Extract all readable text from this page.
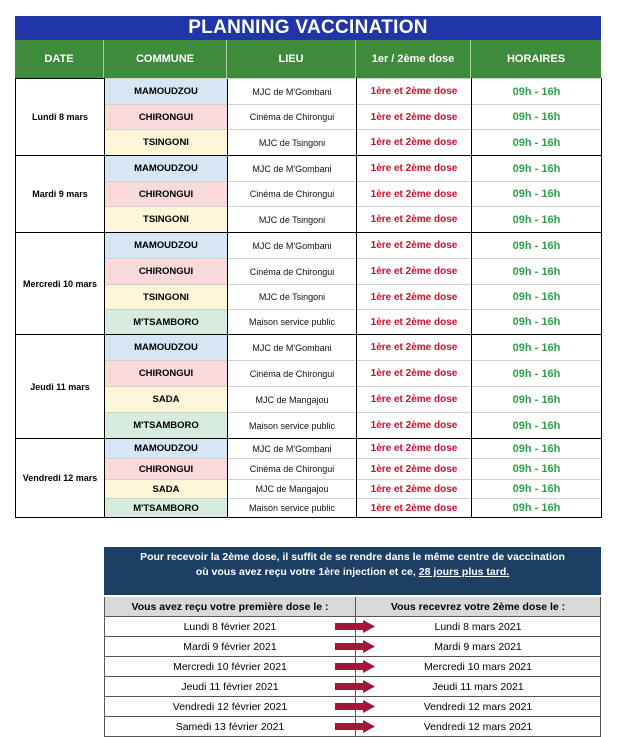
PLANNING VACCINATION
DATE	COMMUNE	LIEU	1er / 2ème dose	HORAIRES
Lundi 8 mars	MAMOUDZOU	MJC de M'Gombani	1ère et 2ème dose	09h - 16h
	CHIRONGUI	Cinéma de Chirongui	1ère et 2ème dose	09h - 16h
	TSINGONI	MJC de Tsingoni	1ère et 2ème dose	09h - 16h
Mardi 9 mars	MAMOUDZOU	MJC de M'Gombani	1ère et 2ème dose	09h - 16h
	CHIRONGUI	Cinéma de Chirongui	1ère et 2ème dose	09h - 16h
	TSINGONI	MJC de Tsingoni	1ère et 2ème dose	09h - 16h
Mercredi 10 mars	MAMOUDZOU	MJC de M'Gombani	1ère et 2ème dose	09h - 16h
	CHIRONGUI	Cinéma de Chirongui	1ère et 2ème dose	09h - 16h
	TSINGONI	MJC de Tsingoni	1ère et 2ème dose	09h - 16h
	M'TSAMBORO	Maison service public	1ère et 2ème dose	09h - 16h
Jeudi 11 mars	MAMOUDZOU	MJC de M'Gombani	1ère et 2ème dose	09h - 16h
	CHIRONGUI	Cinéma de Chirongui	1ère et 2ème dose	09h - 16h
	SADA	MJC de Mangajou	1ère et 2ème dose	09h - 16h
	M'TSAMBORO	Maison service public	1ère et 2ème dose	09h - 16h
Vendredi 12 mars	MAMOUDZOU	MJC de M'Gombani	1ère et 2ème dose	09h - 16h
	CHIRONGUI	Cinéma de Chirongui	1ère et 2ème dose	09h - 16h
	SADA	MJC de Mangajou	1ère et 2ème dose	09h - 16h
	M'TSAMBORO	Maison service public	1ère et 2ème dose	09h - 16h
Pour recevoir la 2ème dose, il suffit de se rendre dans le même centre de vaccination
où vous avez reçu votre 1ère injection et ce, 28 jours plus tard.
Vous avez reçu votre première dose le :	Vous recevrez votre 2ème dose le :
Lundi 8 février 2021	Lundi 8 mars 2021
Mardi 9 février 2021	Mardi 9 mars 2021
Mercredi 10 février 2021	Mercredi 10 mars 2021
Jeudi 11 février 2021	Jeudi 11 mars 2021
Vendredi 12 février 2021	Vendredi 12 mars 2021
Samedi 13 février 2021	Vendredi 12 mars 2021
